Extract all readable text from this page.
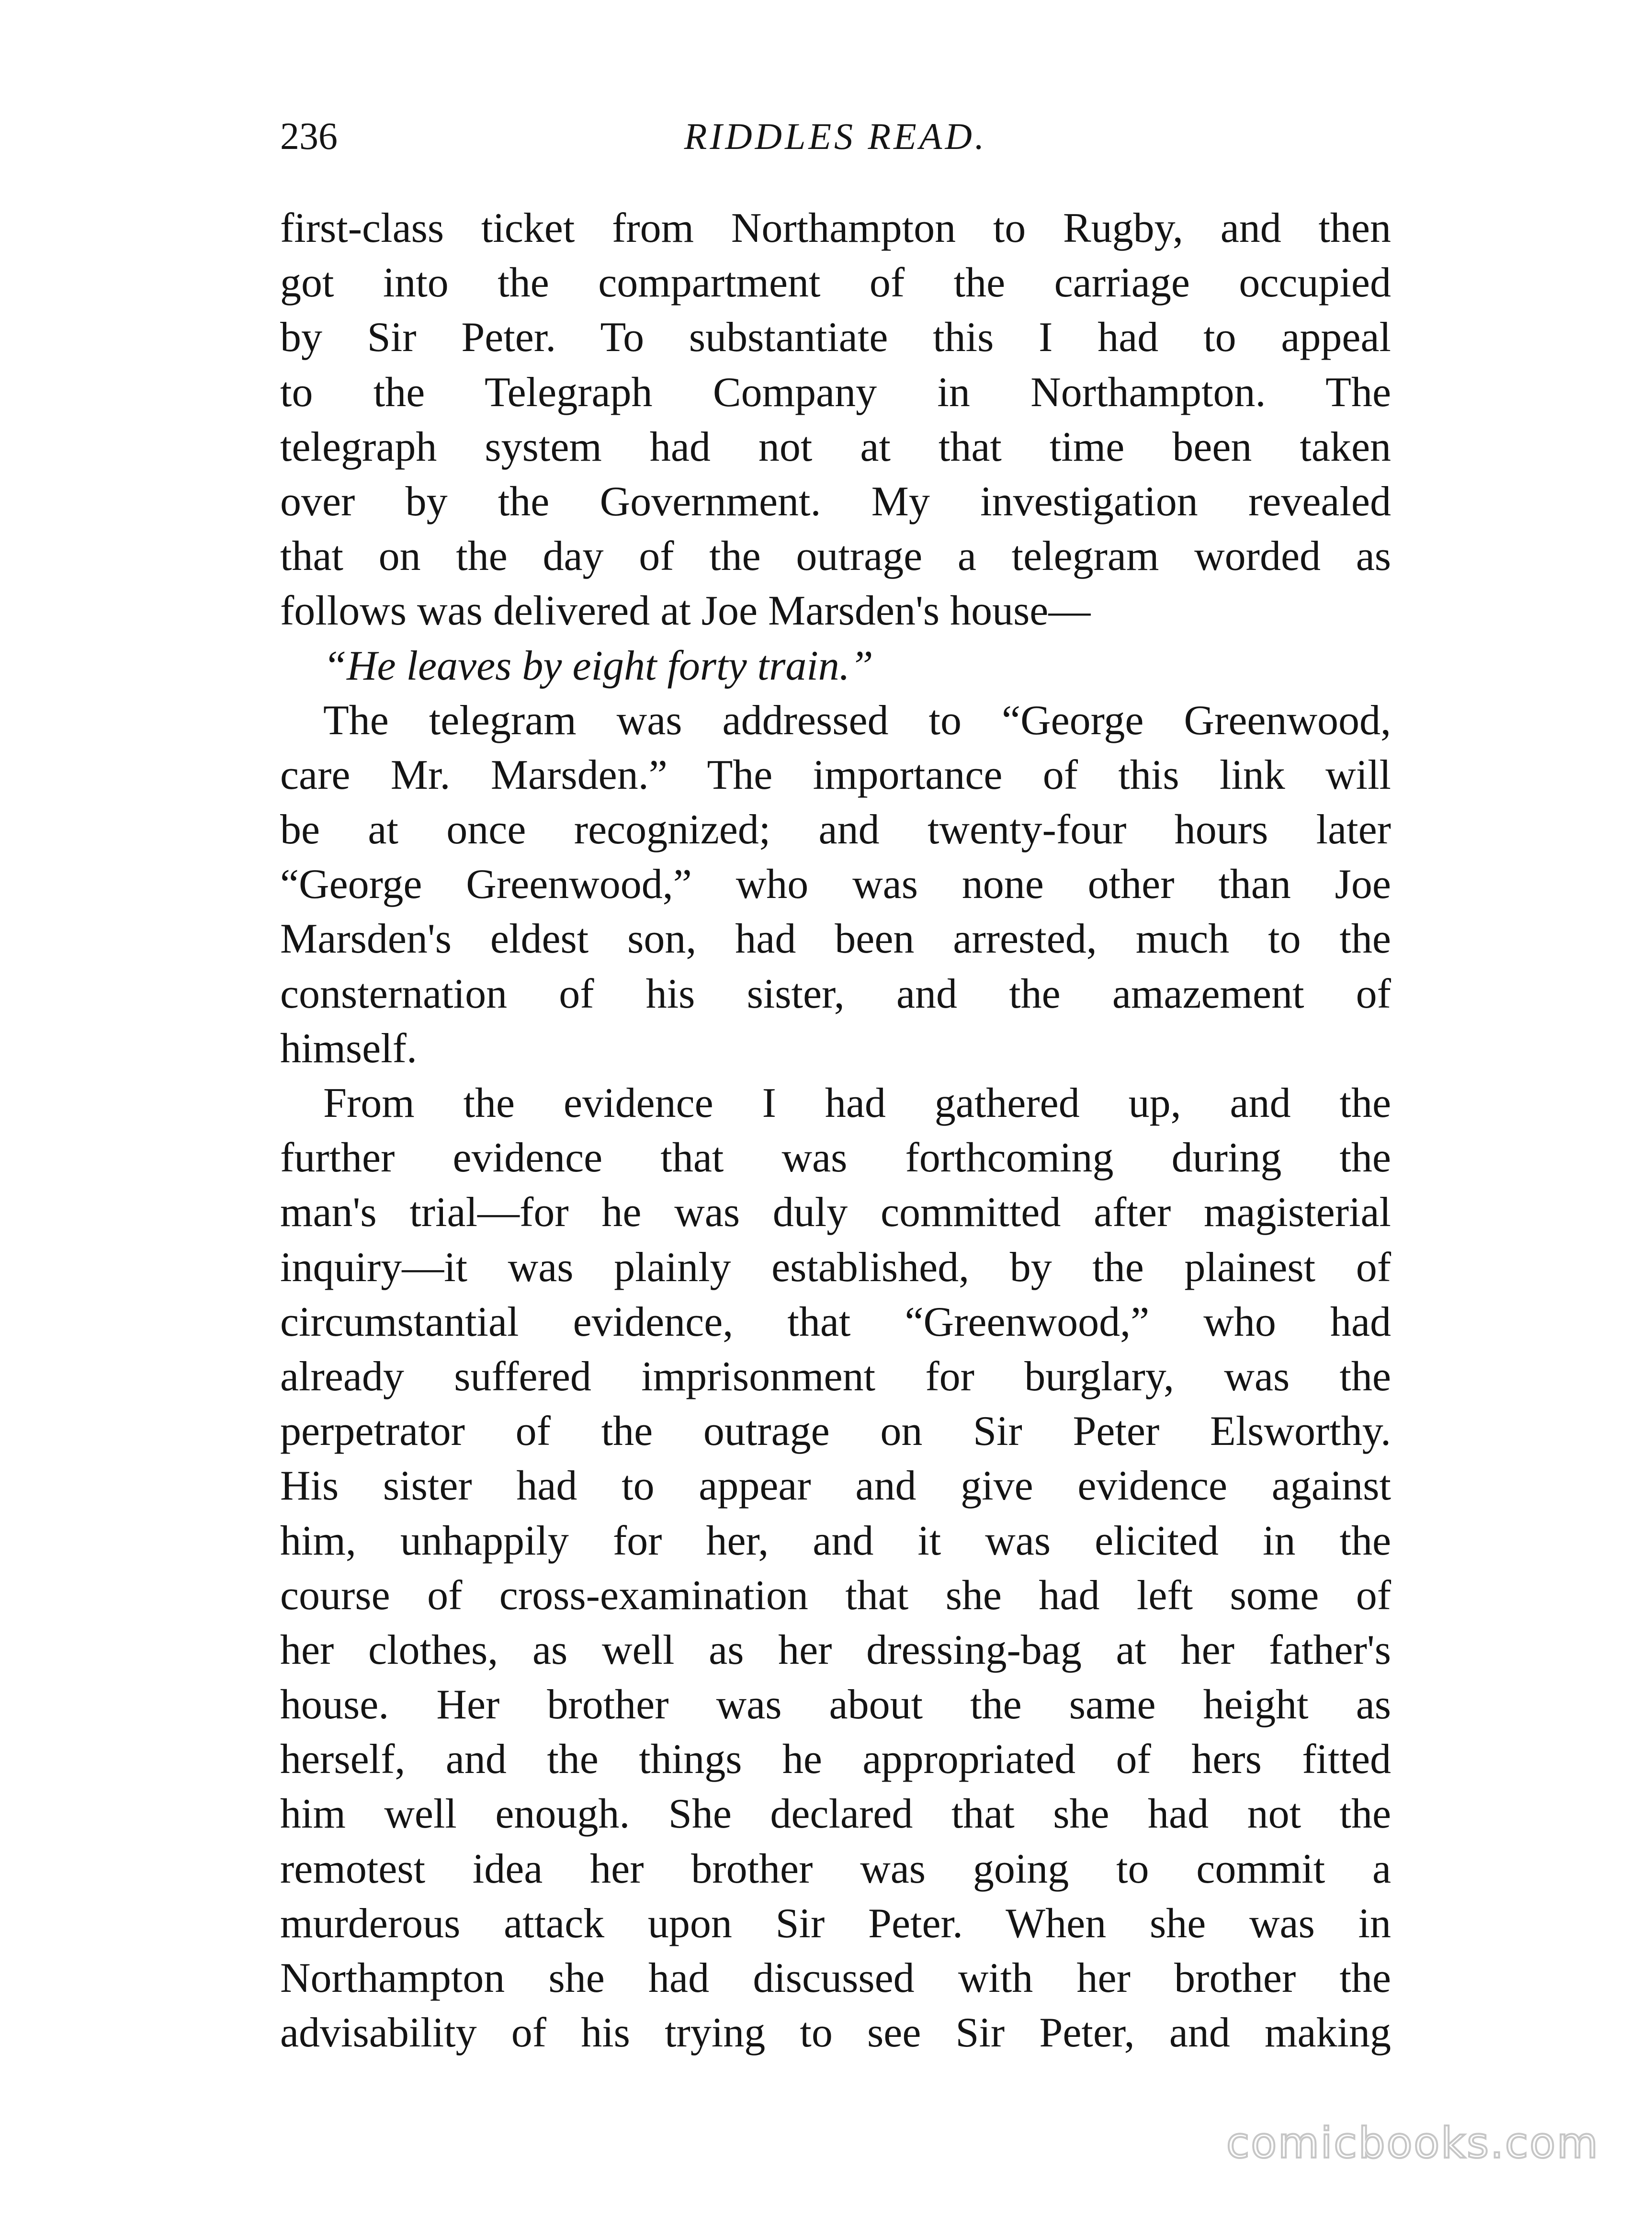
236	RIDDLES READ.
first-class ticket from Northampton to Rugby, and then
got into the compartment of the carriage occupied
by Sir Peter. To substantiate this I had to appeal
to the Telegraph Company in Northampton. The
telegraph system had not at that time been taken
over by the Government. My investigation revealed
that on the day of the outrage a telegram worded as
follows was delivered at Joe Marsden's house—
“He leaves by eight forty train.”
The telegram was addressed to “George Greenwood,
care Mr. Marsden.” The importance of this link will
be at once recognized; and twenty-four hours later
“George Greenwood,” who was none other than Joe
Marsden's eldest son, had been arrested, much to the
consternation of his sister, and the amazement of
himself.
From the evidence I had gathered up, and the
further evidence that was forthcoming during the
man's trial—for he was duly committed after magisterial
inquiry—it was plainly established, by the plainest of
circumstantial evidence, that “Greenwood,” who had
already suffered imprisonment for burglary, was the
perpetrator of the outrage on Sir Peter Elsworthy.
His sister had to appear and give evidence against
him, unhappily for her, and it was elicited in the
course of cross-examination that she had left some of
her clothes, as well as her dressing-bag at her father's
house. Her brother was about the same height as
herself, and the things he appropriated of hers fitted
him well enough. She declared that she had not the
remotest idea her brother was going to commit a
murderous attack upon Sir Peter. When she was in
Northampton she had discussed with her brother the
advisability of his trying to see Sir Peter, and making
comicbooks.com
